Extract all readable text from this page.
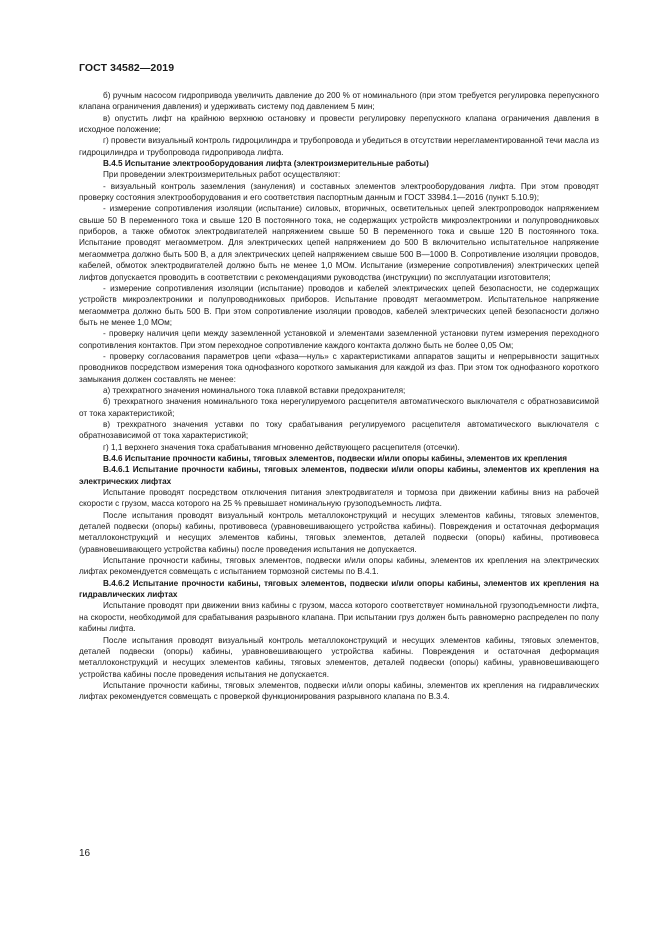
ГОСТ 34582—2019

б) ручным насосом гидропривода увеличить давление до 200 % от номинального (при этом требуется регулировка перепускного клапана ограничения давления) и удерживать систему под давлением 5 мин;

в) опустить лифт на крайнюю верхнюю остановку и провести регулировку перепускного клапана ограничения давления в исходное положение;

г) провести визуальный контроль гидроцилиндра и трубопровода и убедиться в отсутствии нерегламентированной течи масла из гидроцилиндра и трубопровода гидропривода лифта.

В.4.5 Испытание электрооборудования лифта (электроизмерительные работы)

При проведении электроизмерительных работ осуществляют:

- визуальный контроль заземления (зануления) и составных элементов электрооборудования лифта. При этом проводят проверку состояния электрооборудования и его соответствия паспортным данным и ГОСТ 33984.1—2016 (пункт 5.10.9);

- измерение сопротивления изоляции (испытание) силовых, вторичных, осветительных цепей электропроводок напряжением свыше 50 В переменного тока и свыше 120 В постоянного тока, не содержащих устройств микроэлектроники и полупроводниковых приборов, а также обмоток электродвигателей напряжением свыше 50 В переменного тока и свыше 120 В постоянного тока. Испытание проводят мегаомметром. Для электрических цепей напряжением до 500 В включительно испытательное напряжение мегаомметра должно быть 500 В, а для электрических цепей напряжением свыше 500 В—1000 В. Сопротивление изоляции проводов, кабелей, обмоток электродвигателей должно быть не менее 1,0 МОм. Испытание (измерение сопротивления) электрических цепей лифтов допускается проводить в соответствии с рекомендациями руководства (инструкции) по эксплуатации изготовителя;

- измерение сопротивления изоляции (испытание) проводов и кабелей электрических цепей безопасности, не содержащих устройств микроэлектроники и полупроводниковых приборов. Испытание проводят мегаомметром. Испытательное напряжение мегаомметра должно быть 500 В. При этом сопротивление изоляции проводов, кабелей электрических цепей безопасности должно быть не менее 1,0 МОм;

- проверку наличия цепи между заземленной установкой и элементами заземленной установки путем измерения переходного сопротивления контактов. При этом переходное сопротивление каждого контакта должно быть не более 0,05 Ом;

- проверку согласования параметров цепи «фаза—нуль» с характеристиками аппаратов защиты и непрерывности защитных проводников посредством измерения тока однофазного короткого замыкания для каждой из фаз. При этом ток однофазного короткого замыкания должен составлять не менее:

а) трехкратного значения номинального тока плавкой вставки предохранителя;

б) трехкратного значения номинального тока нерегулируемого расцепителя автоматического выключателя с обратнозависимой от тока характеристикой;

в) трехкратного значения уставки по току срабатывания регулируемого расцепителя автоматического выключателя с обратнозависимой от тока характеристикой;

г) 1,1 верхнего значения тока срабатывания мгновенно действующего расцепителя (отсечки).

В.4.6 Испытание прочности кабины, тяговых элементов, подвески и/или опоры кабины, элементов их крепления

В.4.6.1 Испытание прочности кабины, тяговых элементов, подвески и/или опоры кабины, элементов их крепления на электрических лифтах

Испытание проводят посредством отключения питания электродвигателя и тормоза при движении кабины вниз на рабочей скорости с грузом, масса которого на 25 % превышает номинальную грузоподъемность лифта.

После испытания проводят визуальный контроль металлоконструкций и несущих элементов кабины, тяговых элементов, деталей подвески (опоры) кабины, противовеса (уравновешивающего устройства кабины). Повреждения и остаточная деформация металлоконструкций и несущих элементов кабины, тяговых элементов, деталей подвески (опоры) кабины, противовеса (уравновешивающего устройства кабины) после проведения испытания не допускается.

Испытание прочности кабины, тяговых элементов, подвески и/или опоры кабины, элементов их крепления на электрических лифтах рекомендуется совмещать с испытанием тормозной системы по В.4.1.

В.4.6.2 Испытание прочности кабины, тяговых элементов, подвески и/или опоры кабины, элементов их крепления на гидравлических лифтах

Испытание проводят при движении вниз кабины с грузом, масса которого соответствует номинальной грузоподъемности лифта, на скорости, необходимой для срабатывания разрывного клапана. При испытании груз должен быть равномерно распределен по полу кабины лифта.

После испытания проводят визуальный контроль металлоконструкций и несущих элементов кабины, тяговых элементов, деталей подвески (опоры) кабины, уравновешивающего устройства кабины. Повреждения и остаточная деформация металлоконструкций и несущих элементов кабины, тяговых элементов, деталей подвески (опоры) кабины, уравновешивающего устройства кабины после проведения испытания не допускается.

Испытание прочности кабины, тяговых элементов, подвески и/или опоры кабины, элементов их крепления на гидравлических лифтах рекомендуется совмещать с проверкой функционирования разрывного клапана по В.3.4.

16
